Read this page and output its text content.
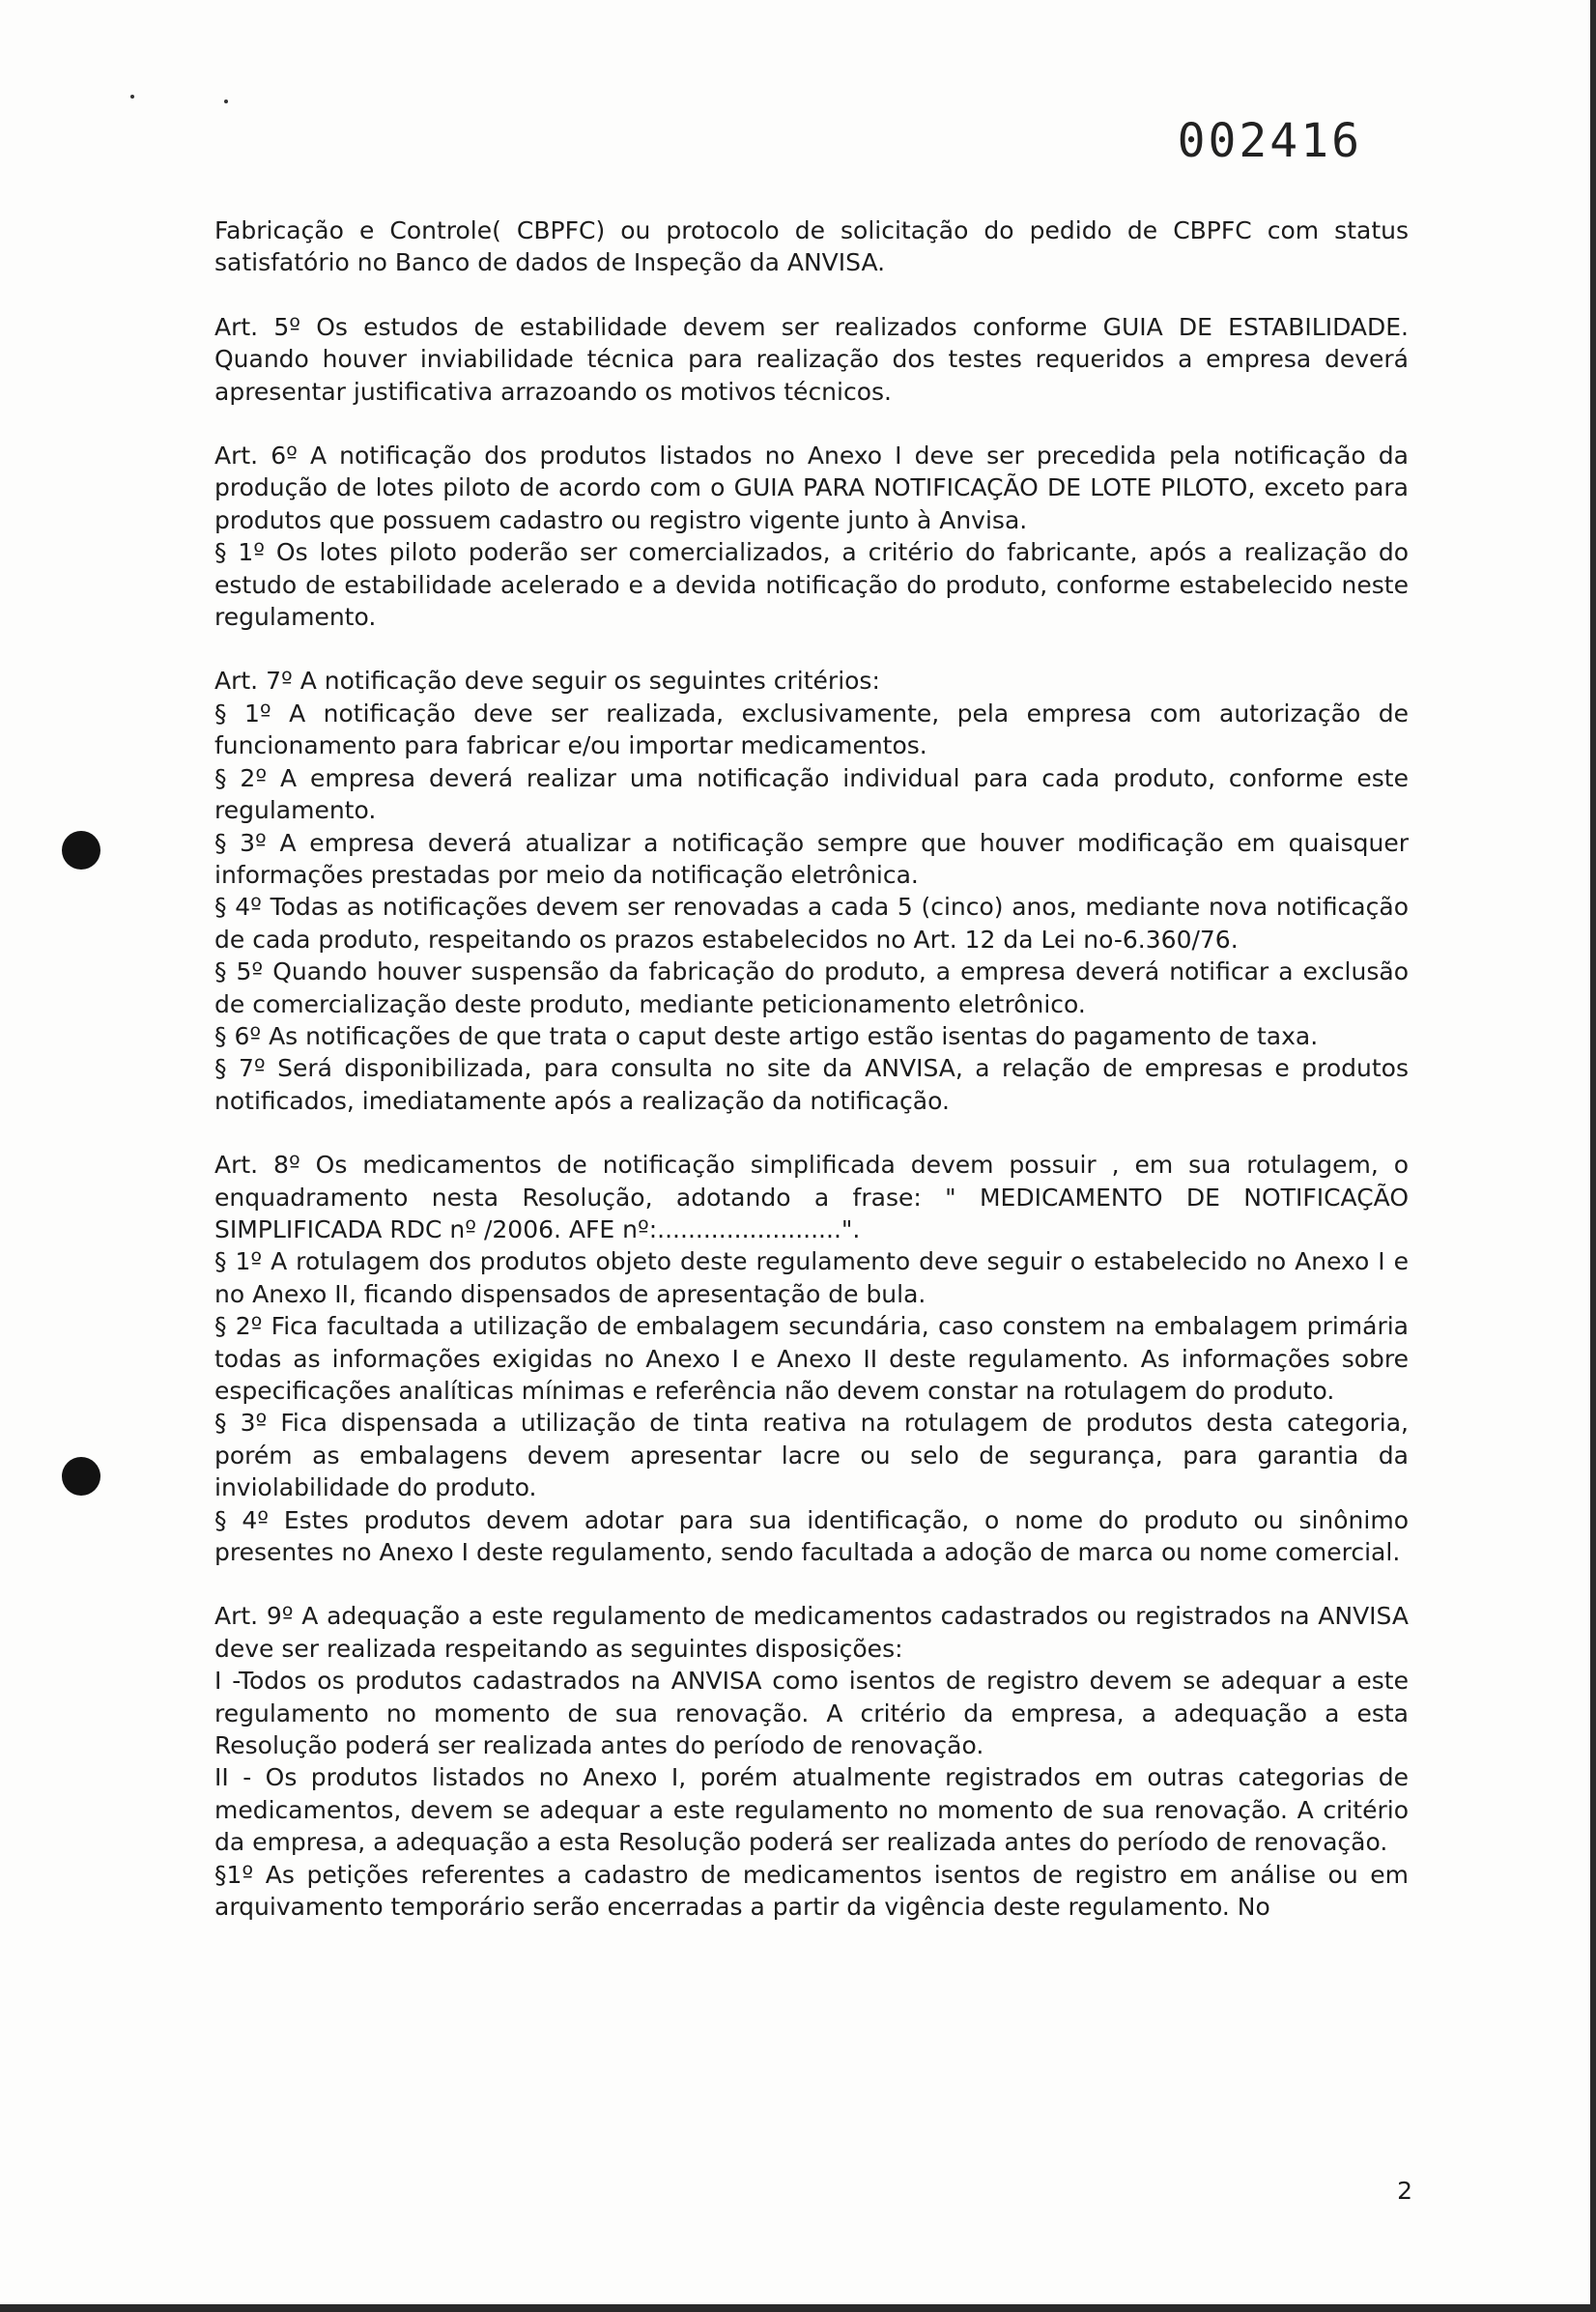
002416

Fabricação e Controle( CBPFC) ou protocolo de solicitação do pedido de CBPFC com status satisfatório no Banco de dados de Inspeção da ANVISA.

Art. 5º Os estudos de estabilidade devem ser realizados conforme GUIA DE ESTABILIDADE. Quando houver inviabilidade técnica para realização dos testes requeridos a empresa deverá apresentar justificativa arrazoando os motivos técnicos.

Art. 6º A notificação dos produtos listados no Anexo I deve ser precedida pela notificação da produção de lotes piloto de acordo com o GUIA PARA NOTIFICAÇÃO DE LOTE PILOTO, exceto para produtos que possuem cadastro ou registro vigente junto à Anvisa.

§ 1º Os lotes piloto poderão ser comercializados, a critério do fabricante, após a realização do estudo de estabilidade acelerado e a devida notificação do produto, conforme estabelecido neste regulamento.

Art. 7º A notificação deve seguir os seguintes critérios:

§ 1º A notificação deve ser realizada, exclusivamente, pela empresa com autorização de funcionamento para fabricar e/ou importar medicamentos.

§ 2º A empresa deverá realizar uma notificação individual para cada produto, conforme este regulamento.

§ 3º A empresa deverá atualizar a notificação sempre que houver modificação em quaisquer informações prestadas por meio da notificação eletrônica.

§ 4º Todas as notificações devem ser renovadas a cada 5 (cinco) anos, mediante nova notificação de cada produto, respeitando os prazos estabelecidos no Art. 12 da Lei no-6.360/76.

§ 5º Quando houver suspensão da fabricação do produto, a empresa deverá notificar a exclusão de comercialização deste produto, mediante peticionamento eletrônico.

§ 6º As notificações de que trata o caput deste artigo estão isentas do pagamento de taxa.

§ 7º Será disponibilizada, para consulta no site da ANVISA, a relação de empresas e produtos notificados, imediatamente após a realização da notificação.

Art. 8º Os medicamentos de notificação simplificada devem possuir , em sua rotulagem, o enquadramento nesta Resolução, adotando a frase: " MEDICAMENTO DE NOTIFICAÇÃO SIMPLIFICADA RDC nº /2006. AFE nº:........................".

§ 1º A rotulagem dos produtos objeto deste regulamento deve seguir o estabelecido no Anexo I e no Anexo II, ficando dispensados de apresentação de bula.

§ 2º Fica facultada a utilização de embalagem secundária, caso constem na embalagem primária todas as informações exigidas no Anexo I e Anexo II deste regulamento. As informações sobre especificações analíticas mínimas e referência não devem constar na rotulagem do produto.

§ 3º Fica dispensada a utilização de tinta reativa na rotulagem de produtos desta categoria, porém as embalagens devem apresentar lacre ou selo de segurança, para garantia da inviolabilidade do produto.

§ 4º Estes produtos devem adotar para sua identificação, o nome do produto ou sinônimo presentes no Anexo I deste regulamento, sendo facultada a adoção de marca ou nome comercial.

Art. 9º A adequação a este regulamento de medicamentos cadastrados ou registrados na ANVISA deve ser realizada respeitando as seguintes disposições:

I -Todos os produtos cadastrados na ANVISA como isentos de registro devem se adequar a este regulamento no momento de sua renovação. A critério da empresa, a adequação a esta Resolução poderá ser realizada antes do período de renovação.

II - Os produtos listados no Anexo I, porém atualmente registrados em outras categorias de medicamentos, devem se adequar a este regulamento no momento de sua renovação. A critério da empresa, a adequação a esta Resolução poderá ser realizada antes do período de renovação.

§1º As petições referentes a cadastro de medicamentos isentos de registro em análise ou em arquivamento temporário serão encerradas a partir da vigência deste regulamento. No

2
